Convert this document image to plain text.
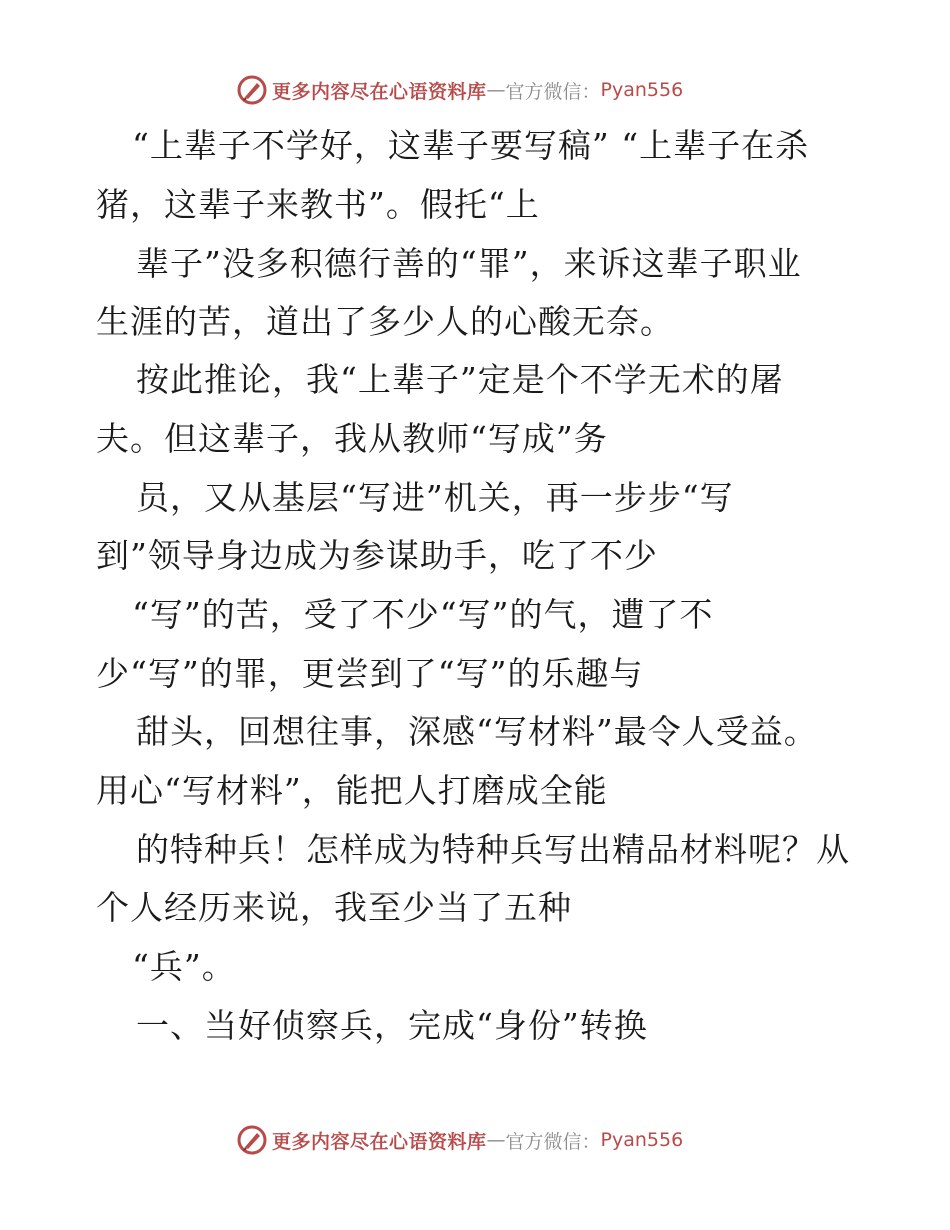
更多内容尽在心语资料库 — 官方微信： Pyan556
“上辈子不学好，这辈子要写稿” “上辈子在杀
猪，这辈子来教书”。假托“上
辈子”没多积德行善的“罪”，来诉这辈子职业
生涯的苦，道出了多少人的心酸无奈。
按此推论，我“上辈子”定是个不学无术的屠
夫。但这辈子，我从教师“写成”务
员，又从基层“写进”机关，再一步步“写
到”领导身边成为参谋助手，吃了不少
“写”的苦，受了不少“写”的气，遭了不
少“写”的罪，更尝到了“写”的乐趣与
甜头，回想往事，深感“写材料”最令人受益。
用心“写材料”，能把人打磨成全能
的特种兵！怎样成为特种兵写出精品材料呢？从
个人经历来说，我至少当了五种
“兵”。
一、当好侦察兵，完成“身份”转换
更多内容尽在心语资料库 — 官方微信： Pyan556
